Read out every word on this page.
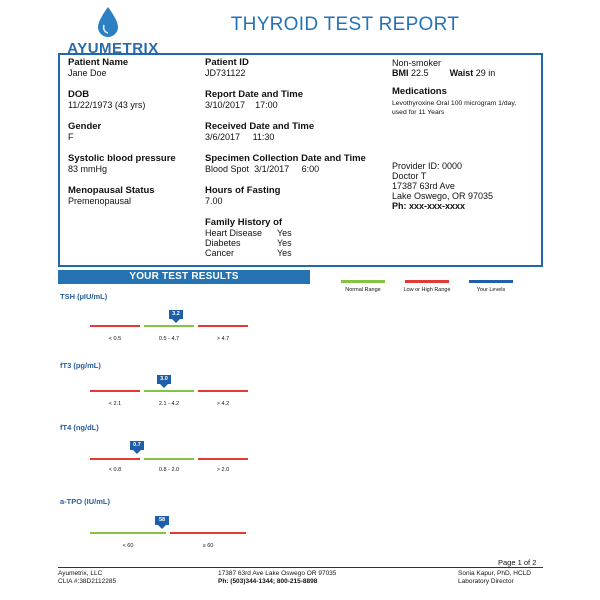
AYUMETRIX
THYROID TEST REPORT
Patient Name
Jane Doe
DOB
11/22/1973 (43 yrs)
Gender
F
Systolic blood pressure
83 mmHg
Menopausal Status
Premenopausal
Patient ID
JD731122
Report Date and Time
3/10/2017 17:00
Received Date and Time
3/6/2017 11:30
Specimen Collection Date and Time
Blood Spot 3/1/2017 6:00
Hours of Fasting
7.00
Family History of
Heart Disease	Yes
Diabetes	Yes
Cancer	Yes
Non-smoker
BMI 22.5 Waist 29 in
Medications
Levothyroxine Oral 100 microgram 1/day,
used for 11 Years
Provider ID: 0000
Doctor T
17387 63rd Ave
Lake Oswego, OR 97035
Ph: xxx-xxx-xxxx
YOUR TEST RESULTS
Normal Range	Low or High Range	Your Levels
TSH (µIU/mL)
3.2
< 0.5	0.5 - 4.7	> 4.7
fT3 (pg/mL)
3.0
< 2.1	2.1 - 4.2	> 4.2
fT4 (ng/dL)
0.7
< 0.8	0.8 - 2.0	> 2.0
a-TPO (IU/mL)
58
< 60	≥ 60
Page 1 of 2
Ayumetrix, LLC
CLIA #:38D2112285
17387 63rd Ave Lake Oswego OR 97035
Ph: (503)344-1344; 800-215-8898
Sonia Kapur, PhD, HCLD
Laboratory Director
